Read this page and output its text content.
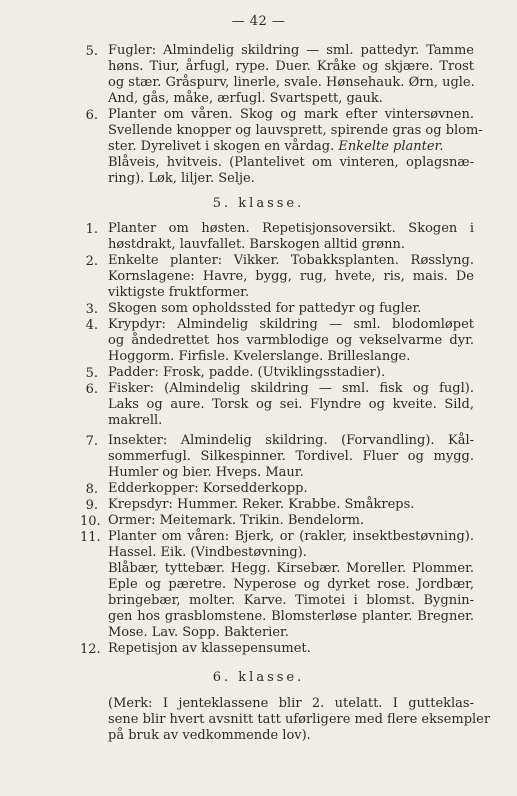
— 42 —
5. Fugler: Almindelig skildring — sml. pattedyr. Tamme
høns. Tiur, årfugl, rype. Duer. Kråke og skjære. Trost
og stær. Gråspurv, linerle, svale. Hønsehauk. Ørn, ugle.
And, gås, måke, ærfugl. Svartspett, gauk.
6. Planter om våren. Skog og mark efter vintersøvnen.
Svellende knopper og lauvsprett, spirende gras og blom-
ster. Dyrelivet i skogen en vårdag. Enkelte planter.
Blåveis, hvitveis. (Plantelivet om vinteren, oplagsnæ-
ring). Løk, liljer. Selje.
5. klasse.
1. Planter om høsten. Repetisjonsoversikt. Skogen i
høstdrakt, lauvfallet. Barskogen alltid grønn.
2. Enkelte planter: Vikker. Tobakksplanten. Røsslyng.
Kornslagene: Havre, bygg, rug, hvete, ris, mais. De
viktigste fruktformer.
3. Skogen som opholdssted for pattedyr og fugler.
4. Krypdyr: Almindelig skildring — sml. blodomløpet
og åndedrettet hos varmblodige og vekselvarme dyr.
Hoggorm. Firfisle. Kvelerslange. Brilleslange.
5. Padder: Frosk, padde. (Utviklingsstadier).
6. Fisker: (Almindelig skildring — sml. fisk og fugl).
Laks og aure. Torsk og sei. Flyndre og kveite. Sild,
makrell.
7. Insekter: Almindelig skildring. (Forvandling). Kål-
sommerfugl. Silkespinner. Tordivel. Fluer og mygg.
Humler og bier. Hveps. Maur.
8. Edderkopper: Korsedderkopp.
9. Krepsdyr: Hummer. Reker. Krabbe. Småkreps.
10. Ormer: Meitemark. Trikin. Bendelorm.
11. Planter om våren: Bjerk, or (rakler, insektbestøvning).
Hassel. Eik. (Vindbestøvning).
Blåbær, tyttebær. Hegg. Kirsebær. Moreller. Plommer.
Eple og pæretre. Nyperose og dyrket rose. Jordbær,
bringebær, molter. Karve. Timotei i blomst. Bygnin-
gen hos grasblomstene. Blomsterløse planter. Bregner.
Mose. Lav. Sopp. Bakterier.
12. Repetisjon av klassepensumet.
6. klasse.
(Merk: I jenteklassene blir 2. utelatt. I gutteklas-
sene blir hvert avsnitt tatt uførligere med flere eksempler
på bruk av vedkommende lov).
